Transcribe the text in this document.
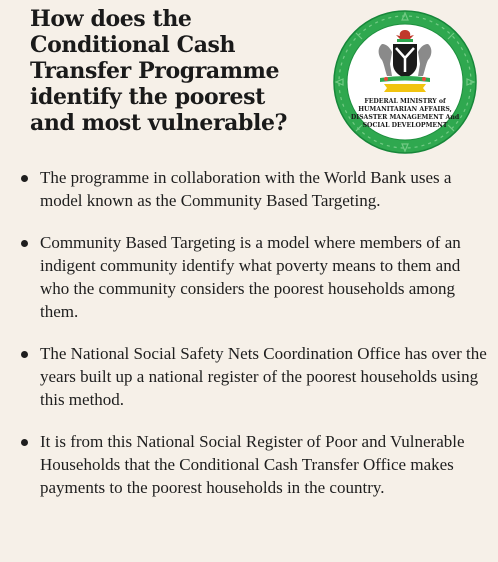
How does the Conditional Cash Transfer Programme identify the poorest and most vulnerable?
FEDERAL MINISTRY of
HUMANITARIAN AFFAIRS,
DISASTER MANAGEMENT And
SOCIAL DEVELOPMENT
The programme in collaboration with the World Bank uses a model known as the Community Based Targeting.
Community Based Targeting is a model where members of an indigent community identify what poverty means to them and who the community considers the poorest households among them.
The National Social Safety Nets Coordination Office has over the years built up a national register of the poorest households using this method.
It is from this National Social Register of Poor and Vulnerable Households that the Conditional Cash Transfer Office makes payments to the poorest households in the country.
